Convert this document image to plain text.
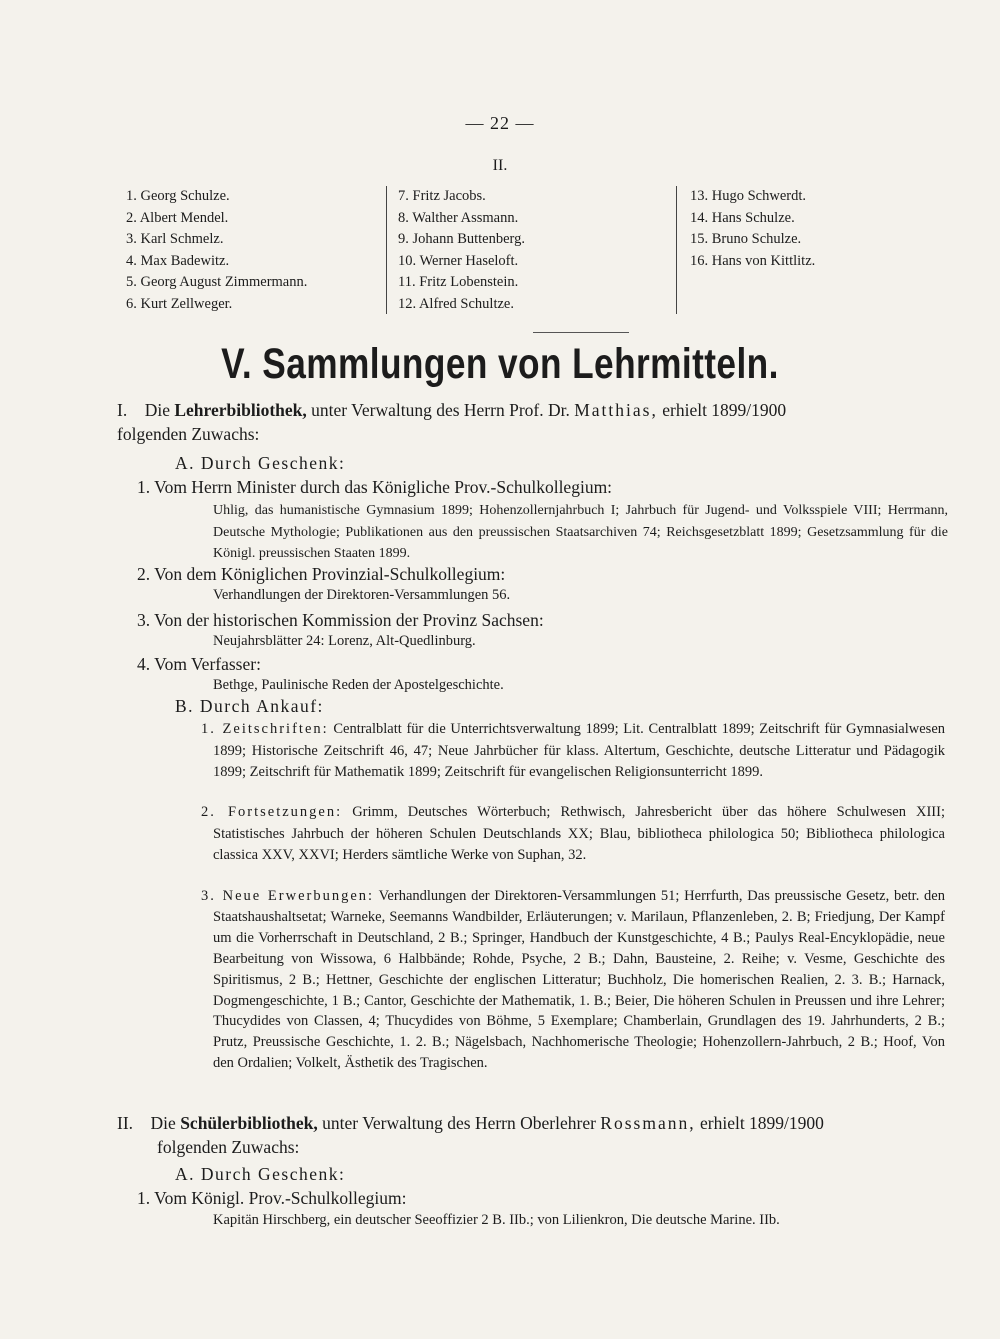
— 22 —
II.
1. Georg Schulze.
2. Albert Mendel.
3. Karl Schmelz.
4. Max Badewitz.
5. Georg August Zimmermann.
6. Kurt Zellweger.
7. Fritz Jacobs.
8. Walther Assmann.
9. Johann Buttenberg.
10. Werner Haseloft.
11. Fritz Lobenstein.
12. Alfred Schultze.
13. Hugo Schwerdt.
14. Hans Schulze.
15. Bruno Schulze.
16. Hans von Kittlitz.
V. Sammlungen von Lehrmitteln.
I. Die Lehrerbibliothek, unter Verwaltung des Herrn Prof. Dr. Matthias, erhielt 1899/1900
folgenden Zuwachs:
A. Durch Geschenk:
1. Vom Herrn Minister durch das Königliche Prov.-Schulkollegium:
Uhlig, das humanistische Gymnasium 1899; Hohenzollernjahrbuch I; Jahrbuch für Jugend- und Volksspiele VIII; Herrmann, Deutsche Mythologie; Publikationen aus den preussischen Staatsarchiven 74; Reichsgesetzblatt 1899; Gesetzsammlung für die Königl. preussischen Staaten 1899.
2. Von dem Königlichen Provinzial-Schulkollegium:
Verhandlungen der Direktoren-Versammlungen 56.
3. Von der historischen Kommission der Provinz Sachsen:
Neujahrsblätter 24: Lorenz, Alt-Quedlinburg.
4. Vom Verfasser:
Bethge, Paulinische Reden der Apostelgeschichte.
B. Durch Ankauf:
1. Zeitschriften: Centralblatt für die Unterrichtsverwaltung 1899; Lit. Centralblatt 1899; Zeitschrift für Gymnasialwesen 1899; Historische Zeitschrift 46, 47; Neue Jahrbücher für klass. Altertum, Geschichte, deutsche Litteratur und Pädagogik 1899; Zeitschrift für Mathematik 1899; Zeitschrift für evangelischen Religionsunterricht 1899.
2. Fortsetzungen: Grimm, Deutsches Wörterbuch; Rethwisch, Jahresbericht über das höhere Schulwesen XIII; Statistisches Jahrbuch der höheren Schulen Deutschlands XX; Blau, bibliotheca philologica 50; Bibliotheca philologica classica XXV, XXVI; Herders sämtliche Werke von Suphan, 32.
3. Neue Erwerbungen: Verhandlungen der Direktoren-Versammlungen 51; Herrfurth, Das preussische Gesetz, betr. den Staatshaushaltsetat; Warneke, Seemanns Wandbilder, Erläuterungen; v. Marilaun, Pflanzenleben, 2. B; Friedjung, Der Kampf um die Vorherrschaft in Deutschland, 2 B.; Springer, Handbuch der Kunstgeschichte, 4 B.; Paulys Real-Encyklopädie, neue Bearbeitung von Wissowa, 6 Halbbände; Rohde, Psyche, 2 B.; Dahn, Bausteine, 2. Reihe; v. Vesme, Geschichte des Spiritismus, 2 B.; Hettner, Geschichte der englischen Litteratur; Buchholz, Die homerischen Realien, 2. 3. B.; Harnack, Dogmengeschichte, 1 B.; Cantor, Geschichte der Mathematik, 1. B.; Beier, Die höheren Schulen in Preussen und ihre Lehrer; Thucydides von Classen, 4; Thucydides von Böhme, 5 Exemplare; Chamberlain, Grundlagen des 19. Jahrhunderts, 2 B.; Prutz, Preussische Geschichte, 1. 2. B.; Nägelsbach, Nachhomerische Theologie; Hohenzollern-Jahrbuch, 2 B.; Hoof, Von den Ordalien; Volkelt, Ästhetik des Tragischen.
II. Die Schülerbibliothek, unter Verwaltung des Herrn Oberlehrer Rossmann, erhielt 1899/1900
folgenden Zuwachs:
A. Durch Geschenk:
1. Vom Königl. Prov.-Schulkollegium:
Kapitän Hirschberg, ein deutscher Seeoffizier 2 B. IIb.; von Lilienkron, Die deutsche Marine. IIb.
